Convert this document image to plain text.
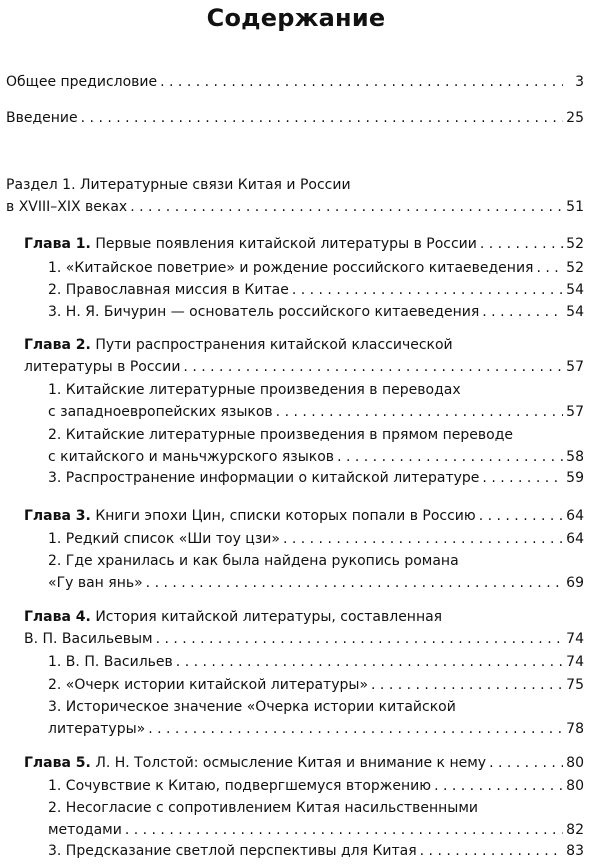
Содержание
Общее предисловие . . .	3
Введение . . .	25
Раздел 1. Литературные связи Китая и России
в XVIII–XIX веках . . .	51
Глава 1. Первые появления китайской литературы в России . . .	52
1. «Китайское поветрие» и рождение российского китаеведения . . . 52
2. Православная миссия в Китае . . .	54
3. Н. Я. Бичурин — основатель российского китаеведения . . .	54
Глава 2. Пути распространения китайской классической
литературы в России . . .	57
1. Китайские литературные произведения в переводах
с западноевропейских языков . . .	57
2. Китайские литературные произведения в прямом переводе
с китайского и маньчжурского языков . . .	58
3. Распространение информации о китайской литературе . . .	59
Глава 3. Книги эпохи Цин, списки которых попали в Россию . . .	64
1. Редкий список «Ши тоу цзи» . . .	64
2. Где хранилась и как была найдена рукопись романа
«Гу ван янь» . . .	69
Глава 4. История китайской литературы, составленная
В. П. Васильевым . . .	74
1. В. П. Васильев . . .	74
2. «Очерк истории китайской литературы» . . .	75
3. Историческое значение «Очерка истории китайской
литературы» . . .	78
Глава 5. Л. Н. Толстой: осмысление Китая и внимание к нему . . .	80
1. Сочувствие к Китаю, подвергшемуся вторжению . . .	80
2. Несогласие с сопротивлением Китая насильственными
методами . . .	82
3. Предсказание светлой перспективы для Китая . . .	83
